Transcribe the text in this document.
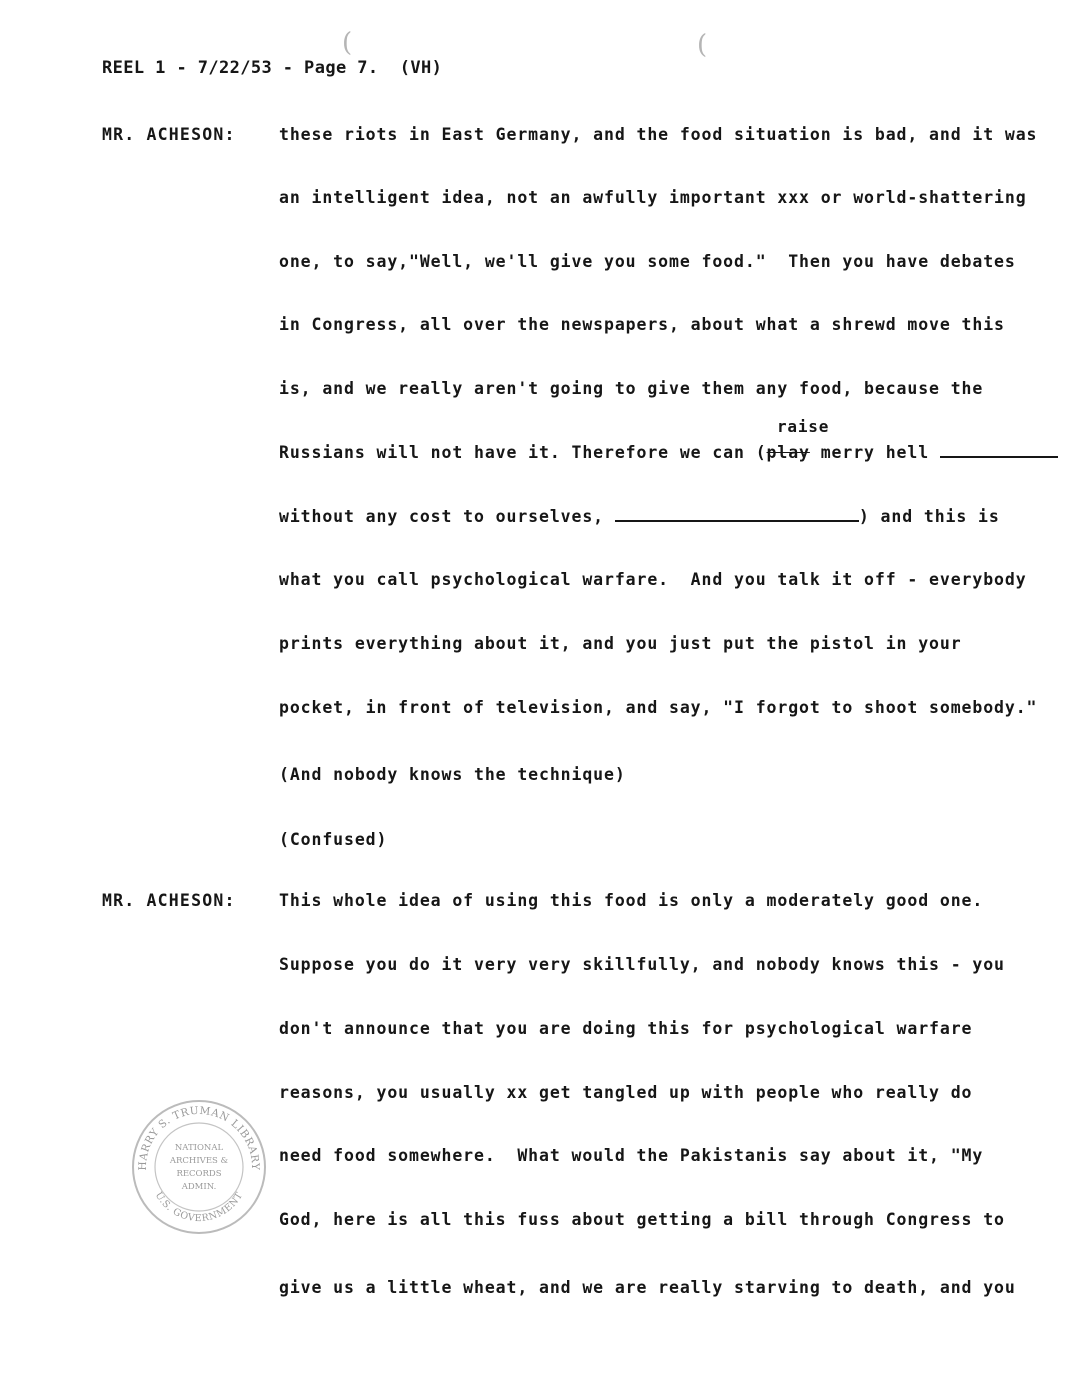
(	(
REEL 1 - 7/22/53 - Page 7.  (VH)
MR. ACHESON:	these riots in East Germany, and the food situation is bad, and it was
an intelligent idea, not an awfully important xxx or world-shattering
one, to say,"Well, we'll give you some food."  Then you have debates
in Congress, all over the newspapers, about what a shrewd move this
is, and we really aren't going to give them any food, because the
raise
Russians will not have it. Therefore we can (play merry hell
without any cost to ourselves,	) and this is
what you call psychological warfare.  And you talk it off - everybody
prints everything about it, and you just put the pistol in your
pocket, in front of television, and say, "I forgot to shoot somebody."
(And nobody knows the technique)
(Confused)
MR. ACHESON:	This whole idea of using this food is only a moderately good one.
Suppose you do it very very skillfully, and nobody knows this - you
don't announce that you are doing this for psychological warfare
reasons, you usually xx get tangled up with people who really do
need food somewhere.  What would the Pakistanis say about it, "My
God, here is all this fuss about getting a bill through Congress to
give us a little wheat, and we are really starving to death, and you
HARRY S. TRUMAN LIBRARY
U.S. GOVERNMENT
NATIONAL
ARCHIVES &
RECORDS
ADMIN.
